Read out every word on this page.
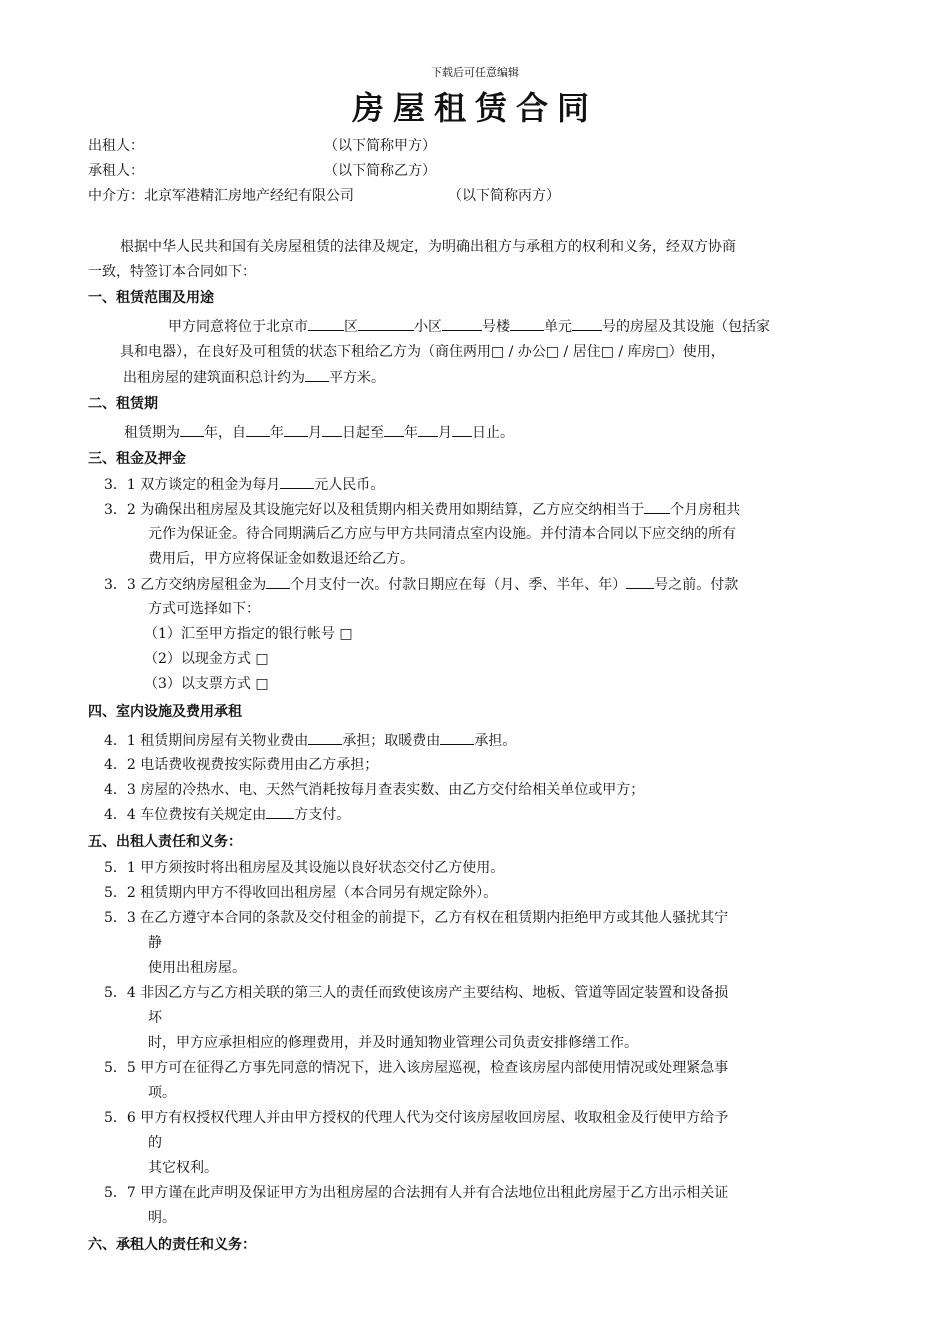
下载后可任意编辑
房屋租赁合同
出租人：	（以下简称甲方）
承租人：	（以下简称乙方）
中介方：北京军港精汇房地产经纪有限公司	（以下简称丙方）
根据中华人民共和国有关房屋租赁的法律及规定，为明确出租方与承租方的权利和义务，经双方协商
一致，特签订本合同如下：
一、租赁范围及用途
甲方同意将位于北京市	区	小区	号楼 单元 号的房屋及其设施（包括家
具和电器），在良好及可租赁的状态下租给乙方为（商住两用□ / 办公□ / 居住□ / 库房□）使用，
出租房屋的建筑面积总计约为 平方米。
二、租赁期
租赁期为 年，自 年 月 日起至 年 月 日止。
三、租金及押金
3．1 双方谈定的租金为每月 元人民币。
3．2 为确保出租房屋及其设施完好以及租赁期内相关费用如期结算，乙方应交纳相当于 个月房租共
元作为保证金。待合同期满后乙方应与甲方共同清点室内设施。并付清本合同以下应交纳的所有
费用后，甲方应将保证金如数退还给乙方。
3．3 乙方交纳房屋租金为 个月支付一次。付款日期应在每（月、季、半年、年） 号之前。付款
方式可选择如下：
（1）汇至甲方指定的银行帐号 □
（2）以现金方式 □
（3）以支票方式 □
四、室内设施及费用承租
4．1 租赁期间房屋有关物业费由 承担；取暖费由 承担。
4．2 电话费收视费按实际费用由乙方承担；
4．3 房屋的冷热水、电、天然气消耗按每月查表实数、由乙方交付给相关单位或甲方；
4．4 车位费按有关规定由 方支付。
五、出租人责任和义务：
5．1 甲方须按时将出租房屋及其设施以良好状态交付乙方使用。
5．2 租赁期内甲方不得收回出租房屋（本合同另有规定除外）。
5．3 在乙方遵守本合同的条款及交付租金的前提下，乙方有权在租赁期内拒绝甲方或其他人骚扰其宁
静
使用出租房屋。
5．4 非因乙方与乙方相关联的第三人的责任而致使该房产主要结构、地板、管道等固定装置和设备损
坏
时，甲方应承担相应的修理费用，并及时通知物业管理公司负责安排修缮工作。
5．5 甲方可在征得乙方事先同意的情况下，进入该房屋巡视，检查该房屋内部使用情况或处理紧急事
项。
5．6 甲方有权授权代理人并由甲方授权的代理人代为交付该房屋收回房屋、收取租金及行使甲方给予
的
其它权利。
5．7 甲方谨在此声明及保证甲方为出租房屋的合法拥有人并有合法地位出租此房屋于乙方出示相关证
明。
六、承租人的责任和义务：
